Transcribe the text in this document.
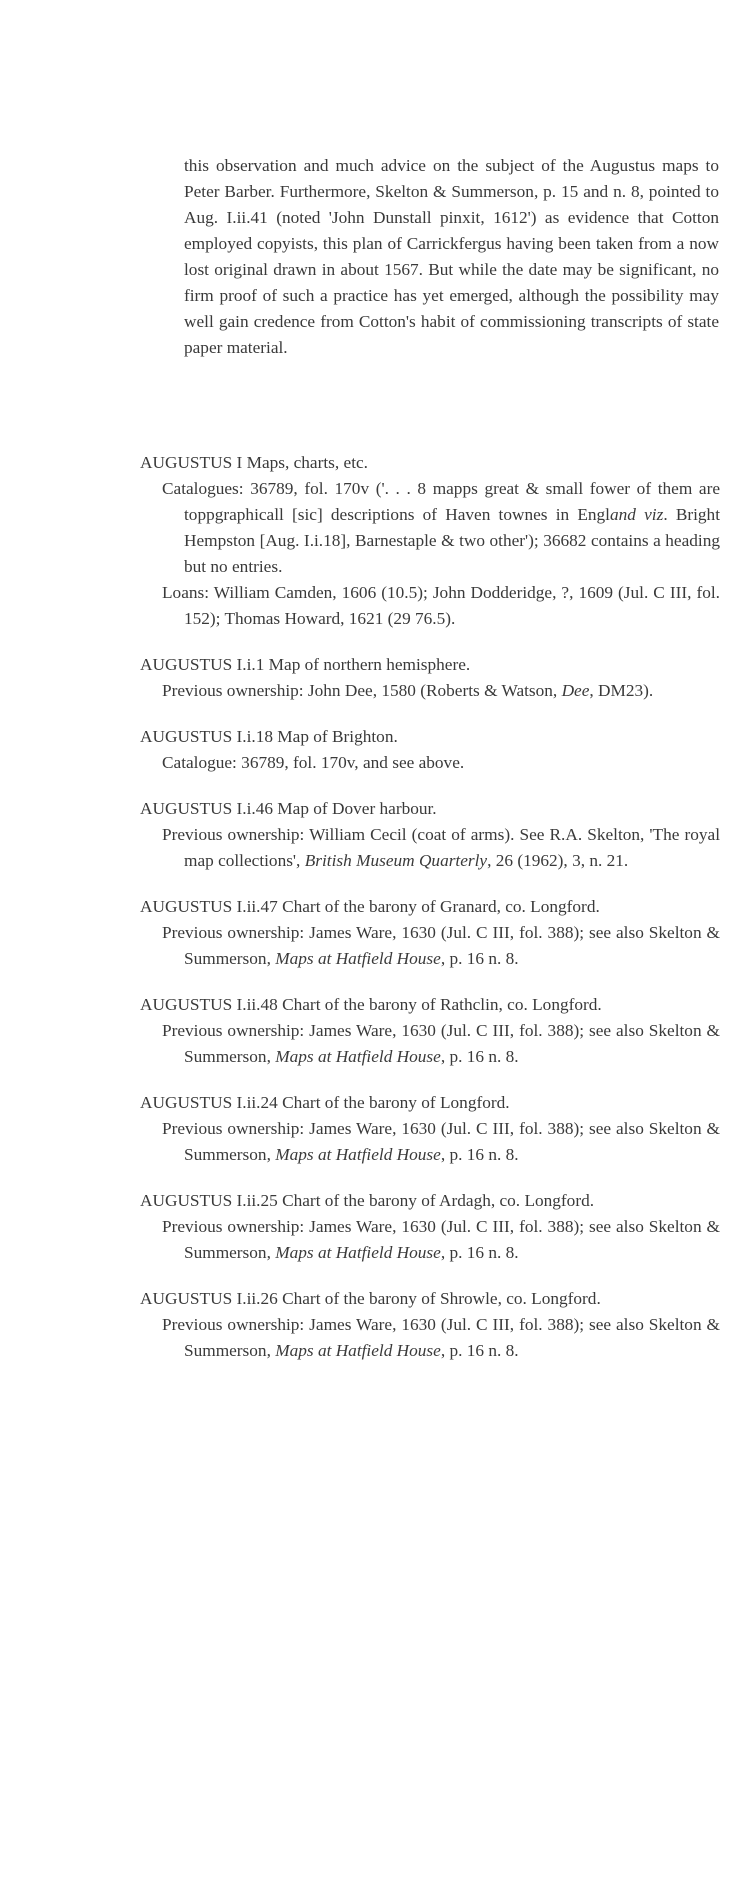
this observation and much advice on the subject of the Augustus maps to Peter Barber. Furthermore, Skelton & Summerson, p. 15 and n. 8, pointed to Aug. I.ii.41 (noted 'John Dunstall pinxit, 1612') as evidence that Cotton employed copyists, this plan of Carrickfergus having been taken from a now lost original drawn in about 1567. But while the date may be significant, no firm proof of such a practice has yet emerged, although the possibility may well gain credence from Cotton's habit of commissioning transcripts of state paper material.

AUGUSTUS I Maps, charts, etc.
Catalogues: 36789, fol. 170v ('. . . 8 mapps great & small fower of them are toppgraphicall [sic] descriptions of Haven townes in England viz. Bright Hempston [Aug. I.i.18], Barnestaple & two other'); 36682 contains a heading but no entries.
Loans: William Camden, 1606 (10.5); John Dodderidge, ?, 1609 (Jul. C III, fol. 152); Thomas Howard, 1621 (29 76.5).
AUGUSTUS I.i.1 Map of northern hemisphere.
Previous ownership: John Dee, 1580 (Roberts & Watson, Dee, DM23).
AUGUSTUS I.i.18 Map of Brighton.
Catalogue: 36789, fol. 170v, and see above.
AUGUSTUS I.i.46 Map of Dover harbour.
Previous ownership: William Cecil (coat of arms). See R.A. Skelton, 'The royal map collections', British Museum Quarterly, 26 (1962), 3, n. 21.
AUGUSTUS I.ii.47 Chart of the barony of Granard, co. Longford.
Previous ownership: James Ware, 1630 (Jul. C III, fol. 388); see also Skelton & Summerson, Maps at Hatfield House, p. 16 n. 8.
AUGUSTUS I.ii.48 Chart of the barony of Rathclin, co. Longford.
Previous ownership: James Ware, 1630 (Jul. C III, fol. 388); see also Skelton & Summerson, Maps at Hatfield House, p. 16 n. 8.
AUGUSTUS I.ii.24 Chart of the barony of Longford.
Previous ownership: James Ware, 1630 (Jul. C III, fol. 388); see also Skelton & Summerson, Maps at Hatfield House, p. 16 n. 8.
AUGUSTUS I.ii.25 Chart of the barony of Ardagh, co. Longford.
Previous ownership: James Ware, 1630 (Jul. C III, fol. 388); see also Skelton & Summerson, Maps at Hatfield House, p. 16 n. 8.
AUGUSTUS I.ii.26 Chart of the barony of Shrowle, co. Longford.
Previous ownership: James Ware, 1630 (Jul. C III, fol. 388); see also Skelton & Summerson, Maps at Hatfield House, p. 16 n. 8.
